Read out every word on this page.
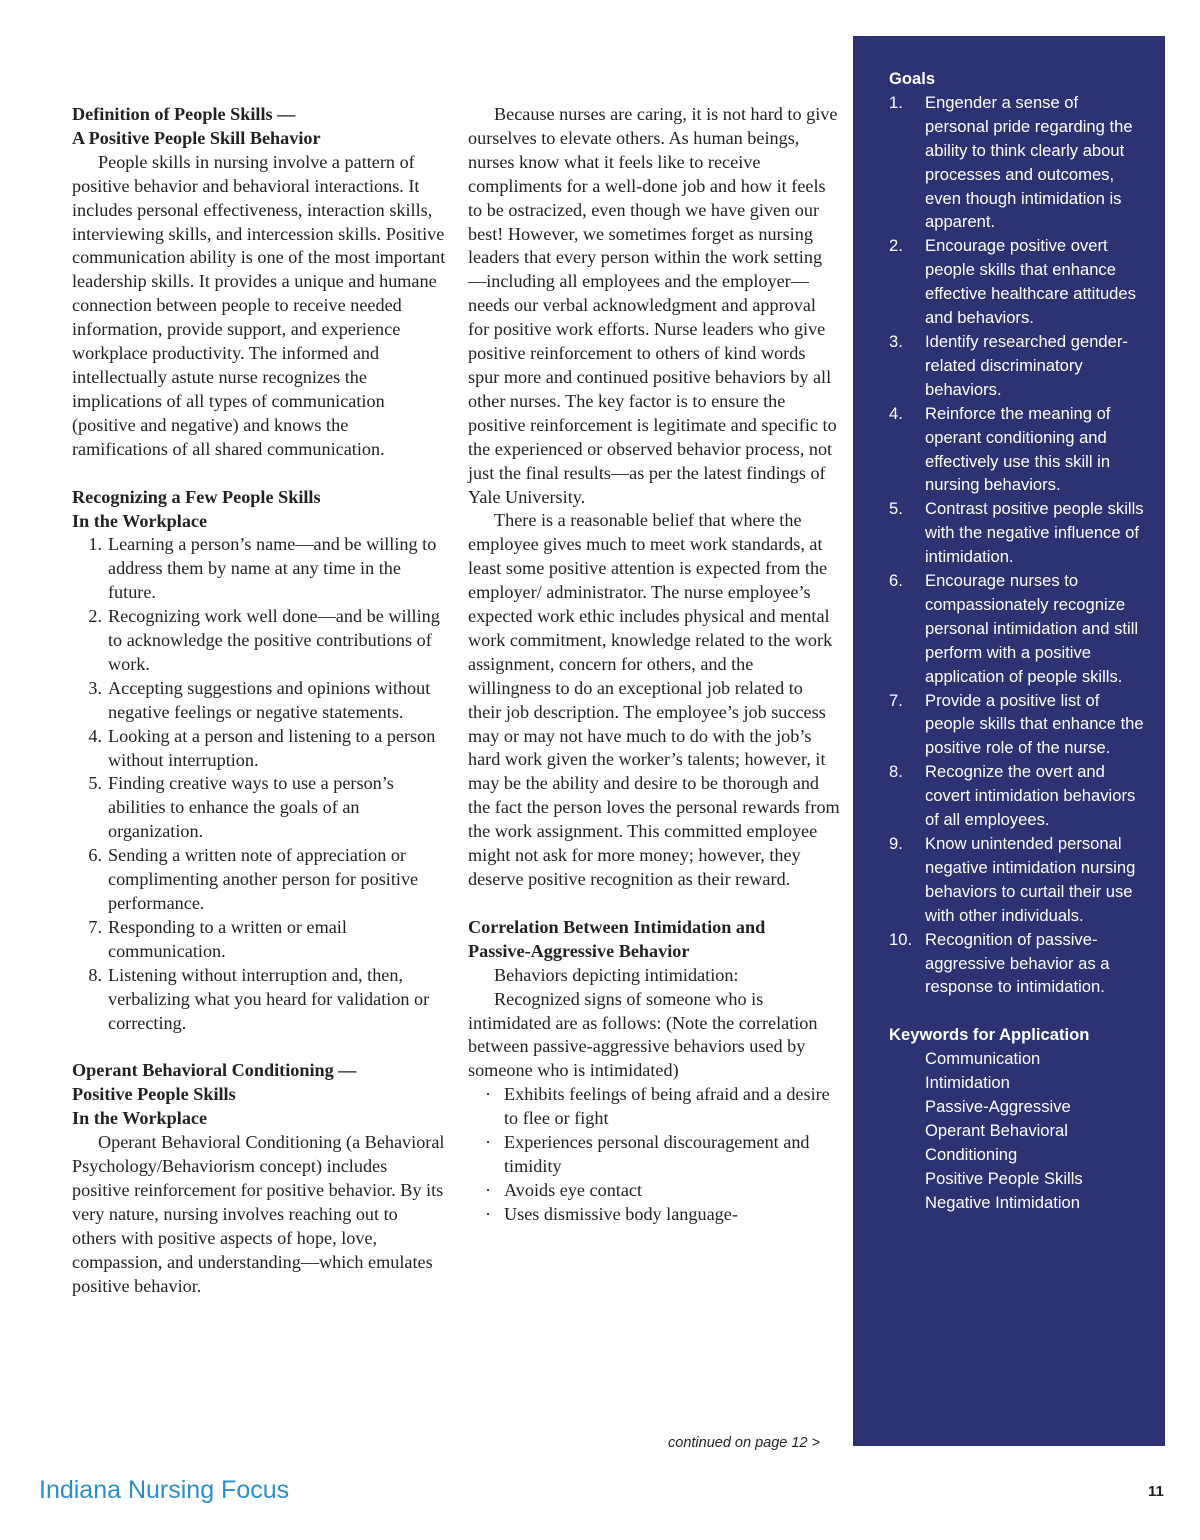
Definition of People Skills —
A Positive People Skill Behavior

People skills in nursing involve a pattern of positive behavior and behavioral interactions. It includes personal effectiveness, interaction skills, interviewing skills, and intercession skills. Positive communication ability is one of the most important leadership skills. It provides a unique and humane connection between people to receive needed information, provide support, and experience workplace productivity. The informed and intellectually astute nurse recognizes the implications of all types of communication (positive and negative) and knows the ramifications of all shared communication.

Recognizing a Few People Skills
In the Workplace
1. Learning a person’s name—and be willing to address them by name at any time in the future.
2. Recognizing work well done—and be willing to acknowledge the positive contributions of work.
3. Accepting suggestions and opinions without negative feelings or negative statements.
4. Looking at a person and listening to a person without interruption.
5. Finding creative ways to use a person’s abilities to enhance the goals of an organization.
6. Sending a written note of appreciation or complimenting another person for positive performance.
7. Responding to a written or email communication.
8. Listening without interruption and, then, verbalizing what you heard for validation or correcting.
Operant Behavioral Conditioning —
Positive People Skills
In the Workplace

Operant Behavioral Conditioning (a Behavioral Psychology/Behaviorism concept) includes positive reinforcement for positive behavior. By its very nature, nursing involves reaching out to others with positive aspects of hope, love, compassion, and understanding—which emulates positive behavior.

Because nurses are caring, it is not hard to give ourselves to elevate others. As human beings, nurses know what it feels like to receive compliments for a well-done job and how it feels to be ostracized, even though we have given our best! However, we sometimes forget as nursing leaders that every person within the work setting—including all employees and the employer—needs our verbal acknowledgment and approval for positive work efforts. Nurse leaders who give positive reinforcement to others of kind words spur more and continued positive behaviors by all other nurses. The key factor is to ensure the positive reinforcement is legitimate and specific to the experienced or observed behavior process, not just the final results—as per the latest findings of Yale University.

There is a reasonable belief that where the employee gives much to meet work standards, at least some positive attention is expected from the employer/ administrator. The nurse employee’s expected work ethic includes physical and mental work commitment, knowledge related to the work assignment, concern for others, and the willingness to do an exceptional job related to their job description. The employee’s job success may or may not have much to do with the job’s hard work given the worker’s talents; however, it may be the ability and desire to be thorough and the fact the person loves the personal rewards from the work assignment. This committed employee might not ask for more money; however, they deserve positive recognition as their reward.

Correlation Between Intimidation and
Passive-Aggressive Behavior

Behaviors depicting intimidation:

Recognized signs of someone who is intimidated are as follows: (Note the correlation between passive-aggressive behaviors used by someone who is intimidated)

· Exhibits feelings of being afraid and a desire to flee or fight
· Experiences personal discouragement and timidity
· Avoids eye contact
· Uses dismissive body language-
continued on page 12 >
Goals
1. Engender a sense of personal pride regarding the ability to think clearly about processes and outcomes, even though intimidation is apparent.
2. Encourage positive overt people skills that enhance effective healthcare attitudes and behaviors.
3. Identify researched gender-related discriminatory behaviors.
4. Reinforce the meaning of operant conditioning and effectively use this skill in nursing behaviors.
5. Contrast positive people skills with the negative influence of intimidation.
6. Encourage nurses to compassionately recognize personal intimidation and still perform with a positive application of people skills.
7. Provide a positive list of people skills that enhance the positive role of the nurse.
8. Recognize the overt and covert intimidation behaviors of all employees.
9. Know unintended personal negative intimidation nursing behaviors to curtail their use with other individuals.
10. Recognition of passive-aggressive behavior as a response to intimidation.
Keywords for Application
Communication
Intimidation
Passive-Aggressive
Operant Behavioral Conditioning
Positive People Skills
Negative Intimidation
Indiana Nursing Focus	11
